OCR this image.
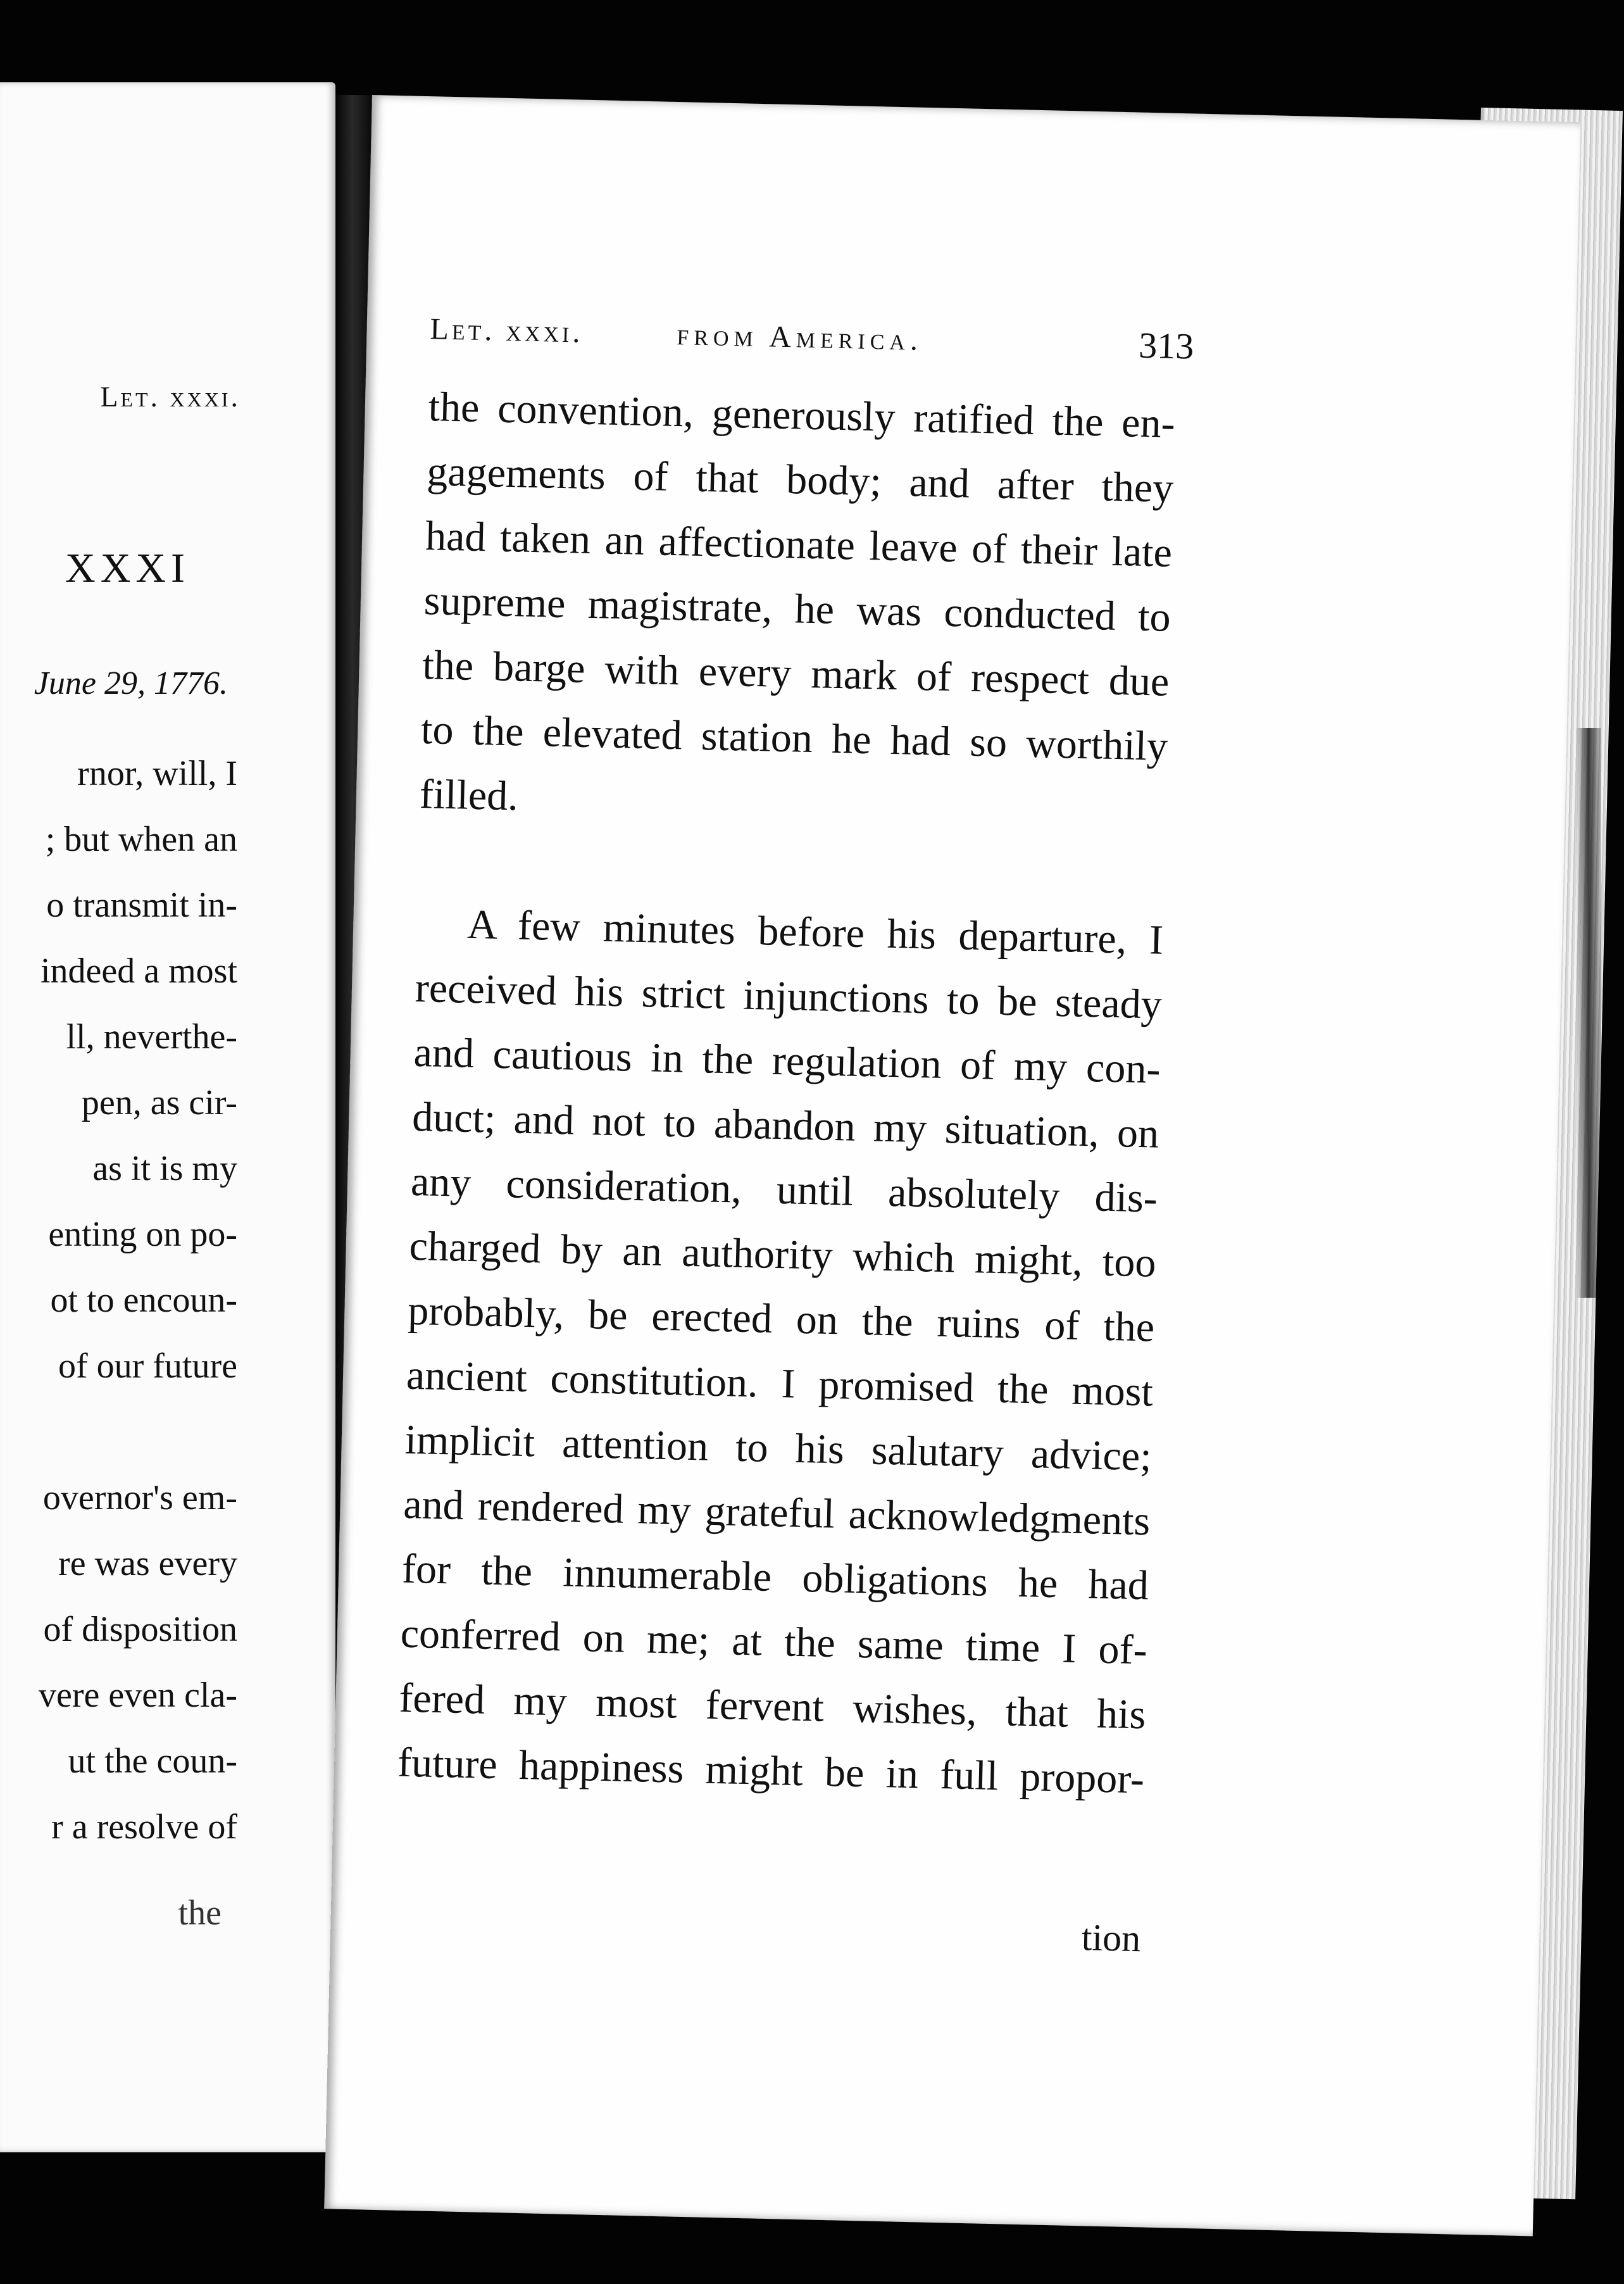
Let. xxxi.
XXXI
June 29, 1776.
rnor, will, I
; but when an
o transmit in-
indeed a most
ll, neverthe-
pen, as cir-
as it is my
enting on po-
ot to encoun-
of our future
overnor's em-
re was every
of disposition
vere even cla-
ut the coun-
r a resolve of
the
Let. xxxi.	from America.	313
the convention, generously ratified the en-
gagements of that body; and after they
had taken an affectionate leave of their late
supreme magistrate, he was conducted to
the barge with every mark of respect due
to the elevated station he had so worthily
filled.
A few minutes before his departure, I
received his strict injunctions to be steady
and cautious in the regulation of my con-
duct; and not to abandon my situation, on
any consideration, until absolutely dis-
charged by an authority which might, too
probably, be erected on the ruins of the
ancient constitution. I promised the most
implicit attention to his salutary advice;
and rendered my grateful acknowledgments
for the innumerable obligations he had
conferred on me; at the same time I of-
fered my most fervent wishes, that his
future happiness might be in full propor-
tion
